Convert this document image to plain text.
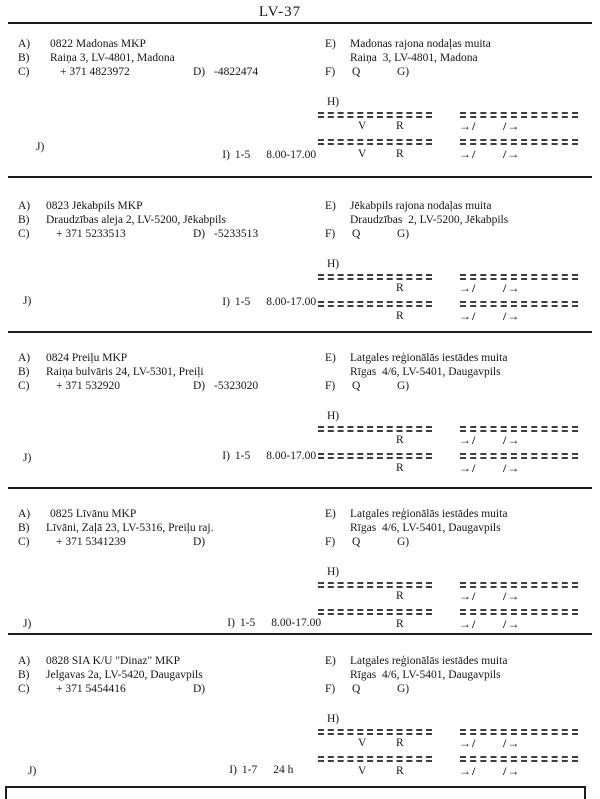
LV-37
A) 0822 Madonas MKP
B) Raiņa 3, LV-4801, Madona
C)	+ 371 4823972	D) -4822474
E) Madonas rajona nodaļas muita
Raiņa  3, LV-4801, Madona
F) Q	G)
H)
V	R	→/ /→
V	R	→/ /→

I) 1-5 8.00-17.00

J)
A) 0823 Jēkabpils MKP
B) Draudzības aleja 2, LV-5200, Jēkabpils
C) + 371 5233513	D) -5233513
E) Jēkabpils rajona nodaļas muita
Draudzības  2, LV-5200, Jēkabpils
F) Q	G)
H)
R	→/ /→
R	→/ /→

I) 1-5 8.00-17.00

J)
A) 0824 Preiļu MKP
B) Raiņa bulvāris 24, LV-5301, Preiļi
C) + 371 532920	D) -5323020
E) Latgales reģionālās iestādes muita
Rīgas  4/6, LV-5401, Daugavpils
F) Q	G)
H)
R	→/ /→
R	→/ /→

I) 1-5 8.00-17.00

J)
A) 0825 Līvānu MKP
B) Līvāni, Zaļā 23, LV-5316, Preiļu raj.
C) + 371 5341239	D)
E) Latgales reģionālās iestādes muita
Rīgas  4/6, LV-5401, Daugavpils
F) Q	G)
H)
R	→/ /→
R	→/ /→

I) 1-5 8.00-17.00

J)
A) 0828 SIA K/U "Dinaz" MKP
B) Jelgavas 2a, LV-5420, Daugavpils
C) + 371 5454416	D)
E) Latgales reģionālās iestādes muita
Rīgas  4/6, LV-5401, Daugavpils
F) Q	G)
H)
V	R	→/ /→
V	R	→/ /→

I) 1-7 24 h

J)
